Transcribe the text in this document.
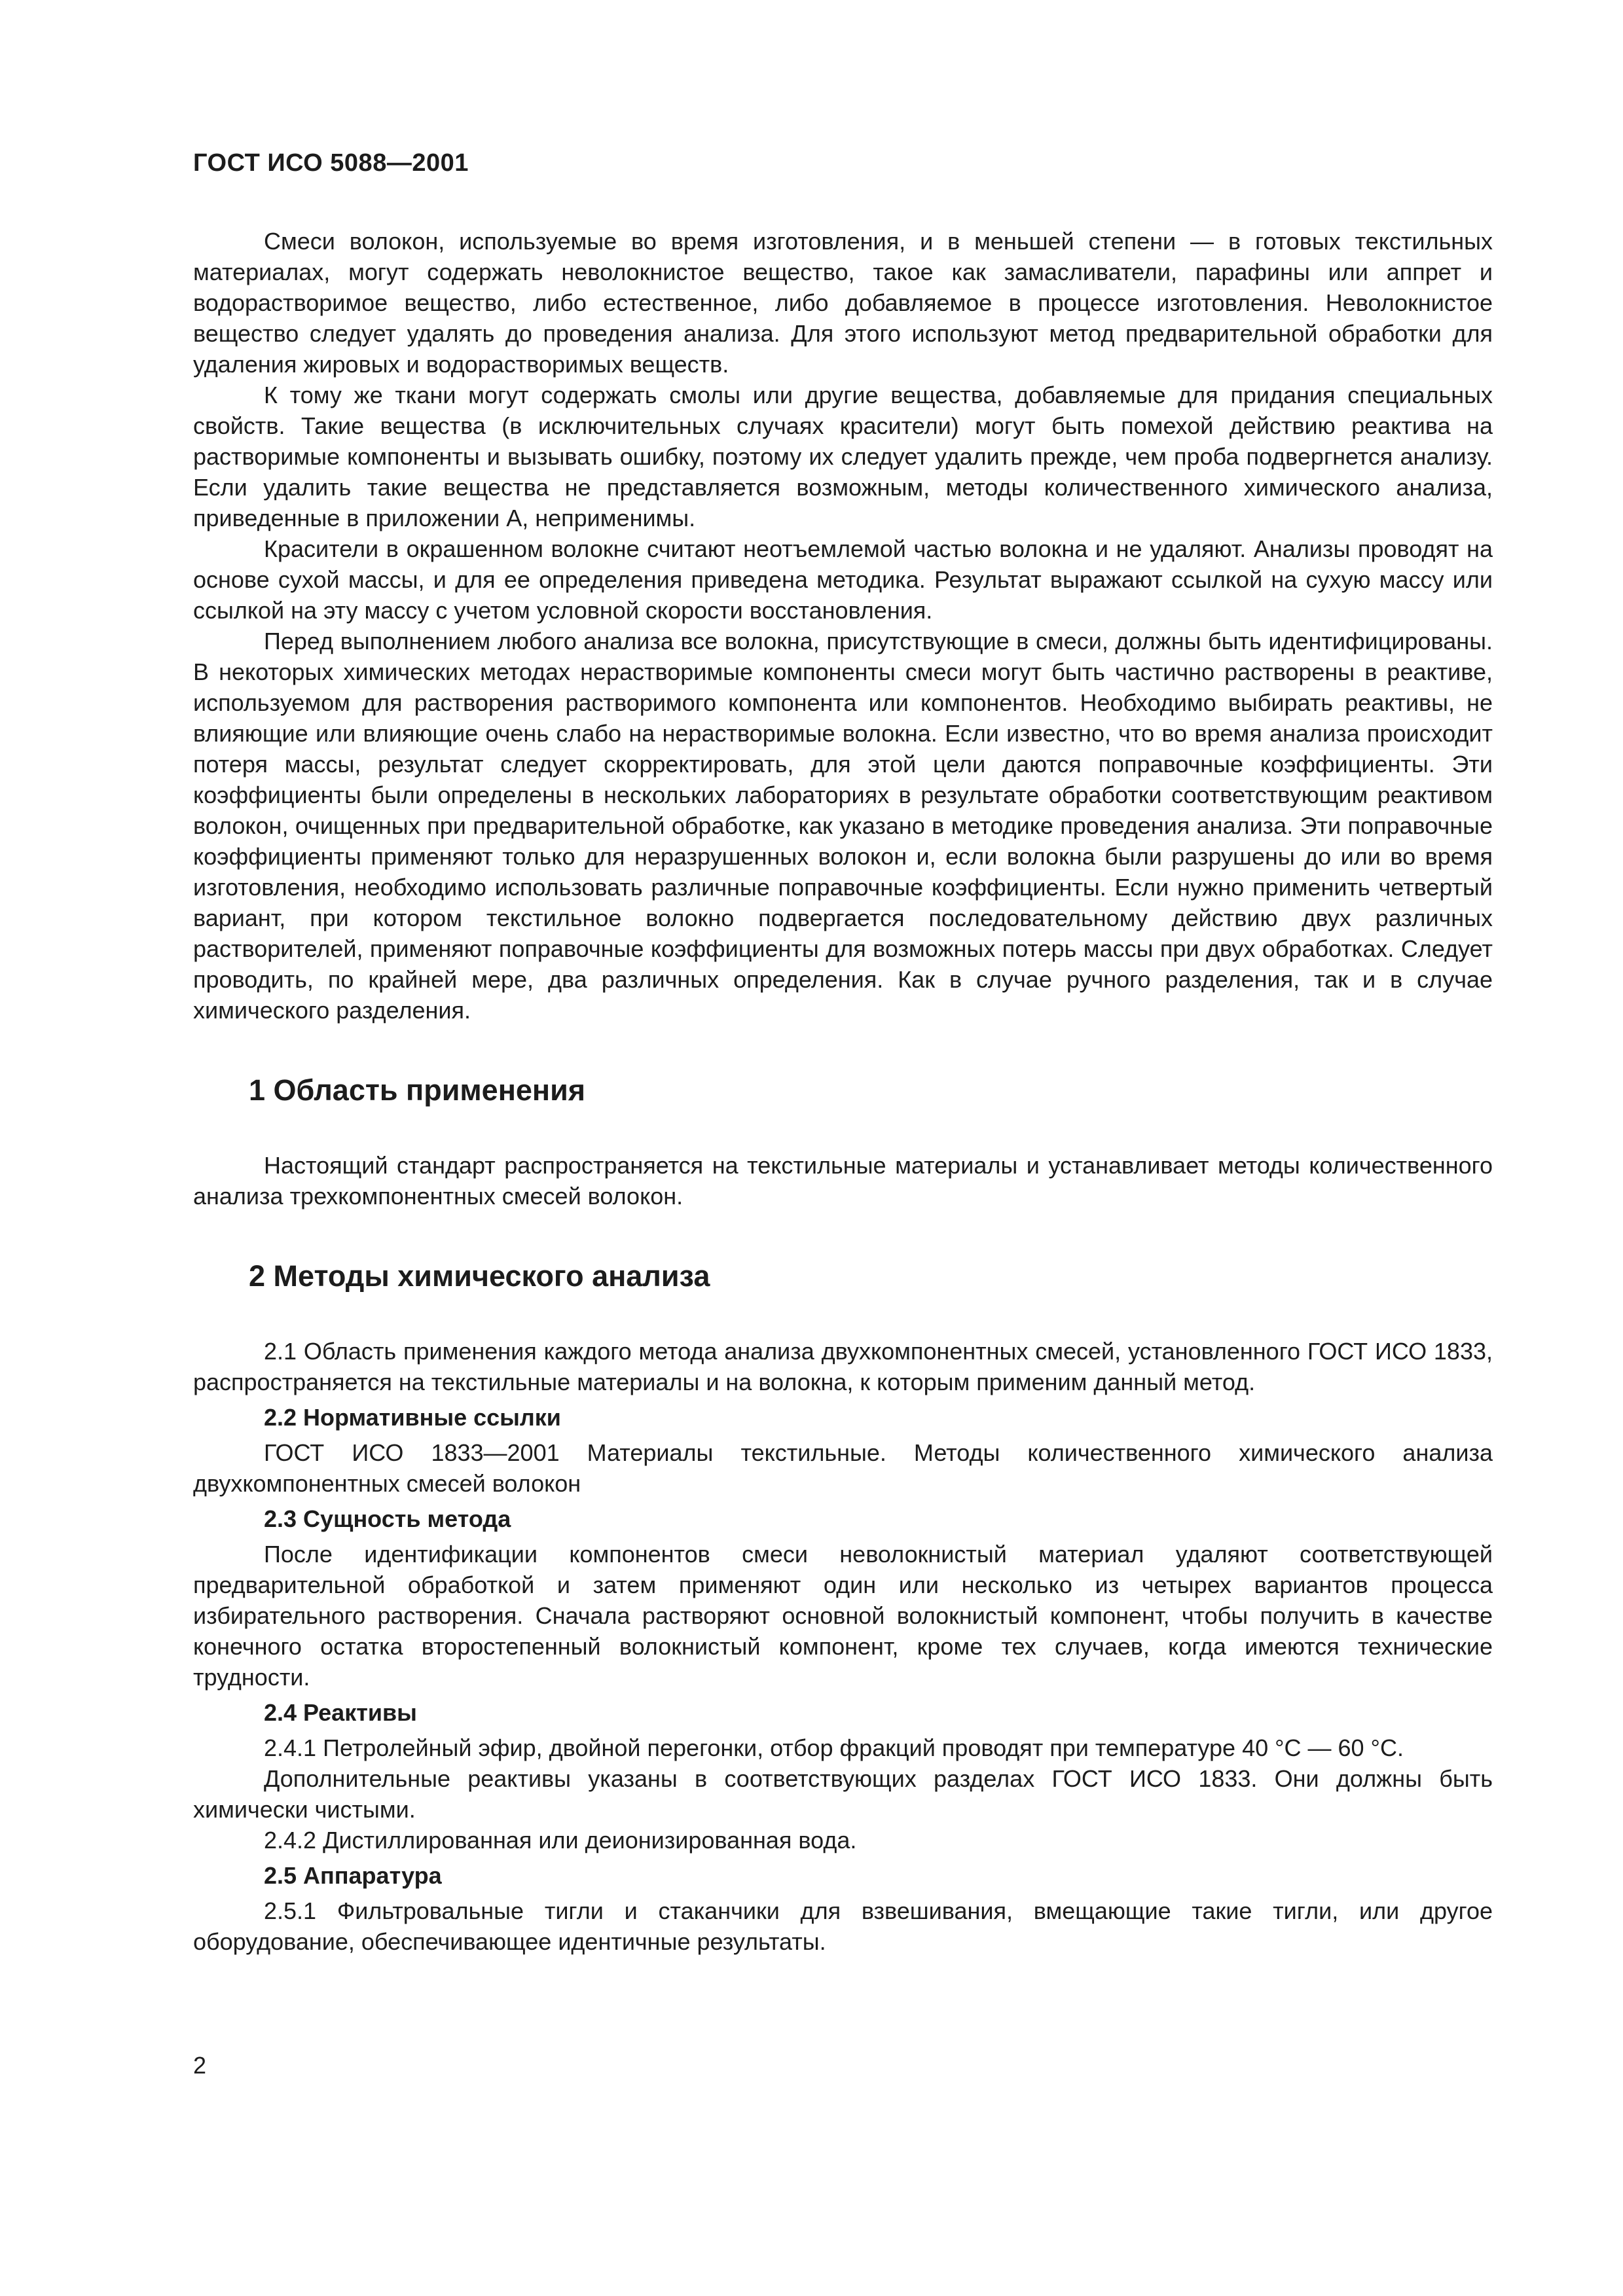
ГОСТ ИСО 5088—2001

Смеси волокон, используемые во время изготовления, и в меньшей степени — в готовых текстильных материалах, могут содержать неволокнистое вещество, такое как замасливатели, парафины или аппрет и водорастворимое вещество, либо естественное, либо добавляемое в процессе изготовления. Неволокнистое вещество следует удалять до проведения анализа. Для этого используют метод предварительной обработки для удаления жировых и водорастворимых веществ.

К тому же ткани могут содержать смолы или другие вещества, добавляемые для придания специальных свойств. Такие вещества (в исключительных случаях красители) могут быть помехой действию реактива на растворимые компоненты и вызывать ошибку, поэтому их следует удалить прежде, чем проба подвергнется анализу. Если удалить такие вещества не представляется возможным, методы количественного химического анализа, приведенные в приложении А, неприменимы.

Красители в окрашенном волокне считают неотъемлемой частью волокна и не удаляют. Анализы проводят на основе сухой массы, и для ее определения приведена методика. Результат выражают ссылкой на сухую массу или ссылкой на эту массу с учетом условной скорости восстановления.

Перед выполнением любого анализа все волокна, присутствующие в смеси, должны быть идентифицированы. В некоторых химических методах нерастворимые компоненты смеси могут быть частично растворены в реактиве, используемом для растворения растворимого компонента или компонентов. Необходимо выбирать реактивы, не влияющие или влияющие очень слабо на нерастворимые волокна. Если известно, что во время анализа происходит потеря массы, результат следует скорректировать, для этой цели даются поправочные коэффициенты. Эти коэффициенты были определены в нескольких лабораториях в результате обработки соответствующим реактивом волокон, очищенных при предварительной обработке, как указано в методике проведения анализа. Эти поправочные коэффициенты применяют только для неразрушенных волокон и, если волокна были разрушены до или во время изготовления, необходимо использовать различные поправочные коэффициенты. Если нужно применить четвертый вариант, при котором текстильное волокно подвергается последовательному действию двух различных растворителей, применяют поправочные коэффициенты для возможных потерь массы при двух обработках. Следует проводить, по крайней мере, два различных определения. Как в случае ручного разделения, так и в случае химического разделения.

1 Область применения

Настоящий стандарт распространяется на текстильные материалы и устанавливает методы количественного анализа трехкомпонентных смесей волокон.

2 Методы химического анализа

2.1 Область применения каждого метода анализа двухкомпонентных смесей, установленного ГОСТ ИСО 1833, распространяется на текстильные материалы и на волокна, к которым применим данный метод.

2.2 Нормативные ссылки

ГОСТ ИСО 1833—2001 Материалы текстильные. Методы количественного химического анализа двухкомпонентных смесей волокон

2.3 Сущность метода

После идентификации компонентов смеси неволокнистый материал удаляют соответствующей предварительной обработкой и затем применяют один или несколько из четырех вариантов процесса избирательного растворения. Сначала растворяют основной волокнистый компонент, чтобы получить в качестве конечного остатка второстепенный волокнистый компонент, кроме тех случаев, когда имеются технические трудности.

2.4 Реактивы

2.4.1 Петролейный эфир, двойной перегонки, отбор фракций проводят при температуре 40 °С — 60 °С.

Дополнительные реактивы указаны в соответствующих разделах ГОСТ ИСО 1833. Они должны быть химически чистыми.

2.4.2 Дистиллированная или деионизированная вода.

2.5 Аппаратура

2.5.1 Фильтровальные тигли и стаканчики для взвешивания, вмещающие такие тигли, или другое оборудование, обеспечивающее идентичные результаты.

2
